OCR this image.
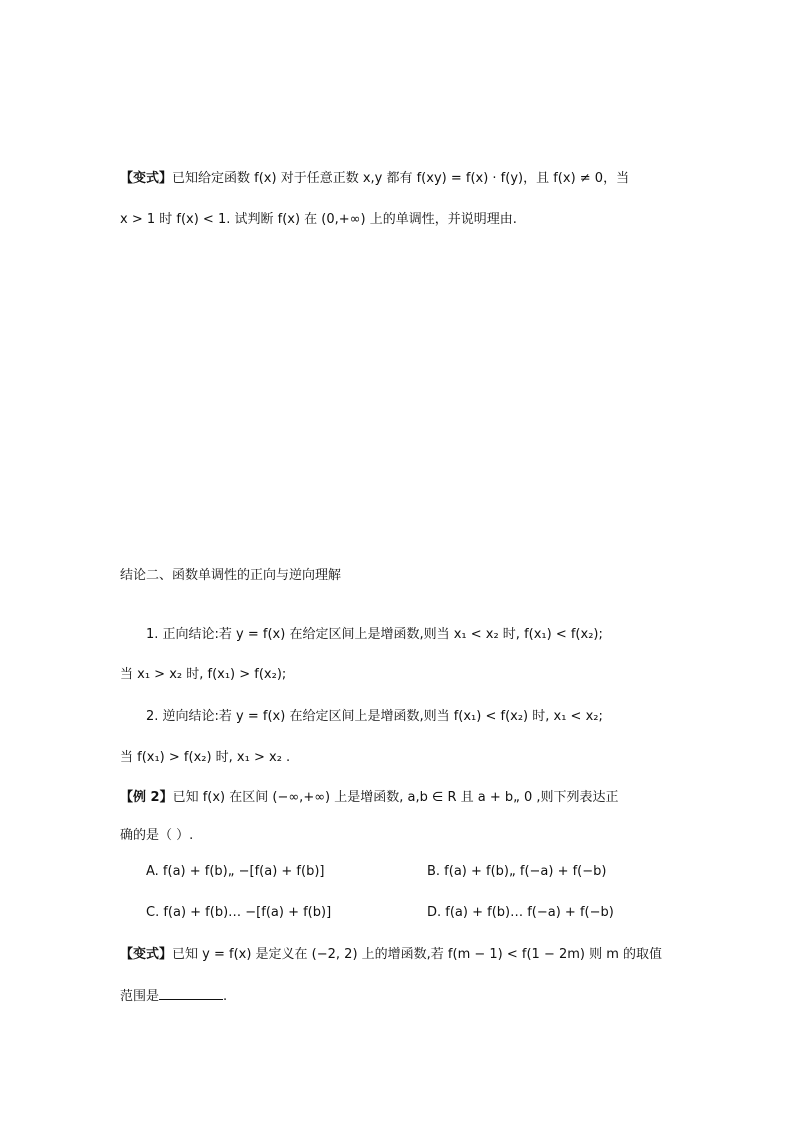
【变式】已知给定函数 f(x) 对于任意正数 x,y 都有 f(xy) = f(x) · f(y)，且 f(x) ≠ 0，当
x > 1 时 f(x) < 1. 试判断 f(x) 在 (0,+∞) 上的单调性，并说明理由.
结论二、函数单调性的正向与逆向理解
1. 正向结论:若 y = f(x) 在给定区间上是增函数,则当 x₁ < x₂ 时, f(x₁) < f(x₂);
当 x₁ > x₂ 时, f(x₁) > f(x₂);
2. 逆向结论:若 y = f(x) 在给定区间上是增函数,则当 f(x₁) < f(x₂) 时, x₁ < x₂;
当 f(x₁) > f(x₂) 时, x₁ > x₂ .
【例 2】已知 f(x) 在区间 (−∞,+∞) 上是增函数, a,b ∈ R 且 a + b„ 0 ,则下列表达正
确的是（ ）.
A. f(a) + f(b)„ −[f(a) + f(b)]	B. f(a) + f(b)„ f(−a) + f(−b)
C. f(a) + f(b)… −[f(a) + f(b)]	D. f(a) + f(b)… f(−a) + f(−b)
【变式】已知 y = f(x) 是定义在 (−2, 2) 上的增函数,若 f(m − 1) < f(1 − 2m) 则 m 的取值
范围是	.
